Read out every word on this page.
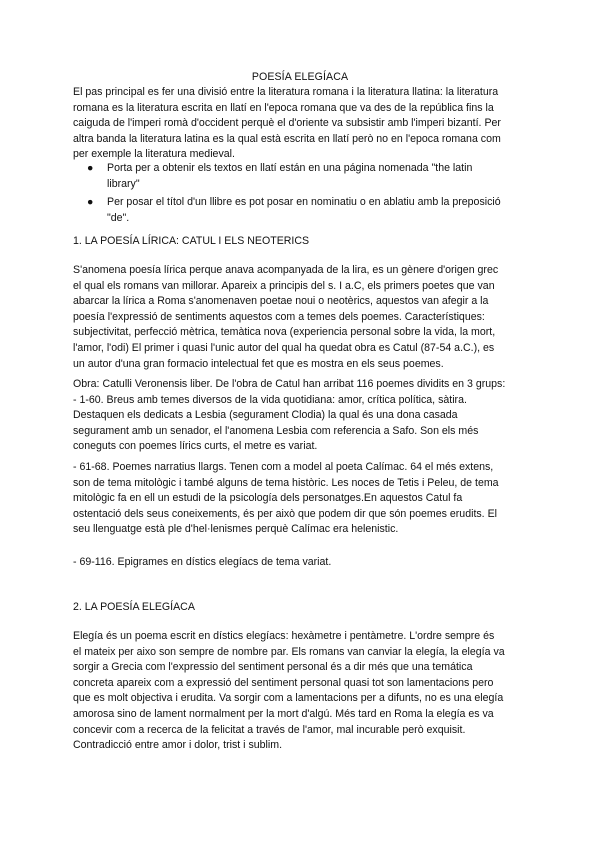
POESÍA ELEGÍACA

El pas principal es fer una divisió entre la literatura romana i la literatura llatina: la literatura
romana es la literatura escrita en llatí en l'epoca romana que va des de la república fins la
caiguda de l'imperi romà d'occident perquè el d'oriente va subsistir amb l'imperi bizantí. Per
altra banda la literatura latina es la qual està escrita en llatí però no en l'epoca romana com
per exemple la literatura medieval.

● Porta per a obtenir els textos en llatí están en una página nomenada "the latin
library"
● Per posar el títol d'un llibre es pot posar en nominatiu o en ablatiu amb la preposició
"de".
1. LA POESÍA LÍRICA: CATUL I ELS NEOTERICS

S'anomena poesía lírica perque anava acompanyada de la lira, es un gènere d'origen grec
el qual els romans van millorar. Apareix a principis del s. I a.C, els primers poetes que van
abarcar la lírica a Roma s'anomenaven poetae noui o neotèrics, aquestos van afegir a la
poesía l'expressió de sentiments aquestos com a temes dels poemes. Característiques:
subjectivitat, perfecció mètrica, temàtica nova (experiencia personal sobre la vida, la mort,
l'amor, l'odi) El primer i quasi l'unic autor del qual ha quedat obra es Catul (87-54 a.C.), es
un autor d'una gran formacio intelectual fet que es mostra en els seus poemes.

Obra: Catulli Veronensis liber. De l'obra de Catul han arribat 116 poemes dividits en 3 grups:
- 1-60. Breus amb temes diversos de la vida quotidiana: amor, crítica política, sàtira.
Destaquen els dedicats a Lesbia (segurament Clodia) la qual és una dona casada
segurament amb un senador, el l'anomena Lesbia com referencia a Safo. Son els més
coneguts con poemes lírics curts, el metre es variat.

- 61-68. Poemes narratius llargs. Tenen com a model al poeta Calímac. 64 el més extens,
son de tema mitològic i també alguns de tema històric. Les noces de Tetis i Peleu, de tema
mitològic fa en ell un estudi de la psicología dels personatges.En aquestos Catul fa
ostentació dels seus coneixements, és per això que podem dir que són poemes erudits. El
seu llenguatge està ple d'hel·lenismes perquè Calímac era helenistic.

- 69-116. Epigrames en dístics elegíacs de tema variat.

2. LA POESÍA ELEGÍACA

Elegía és un poema escrit en dístics elegíacs: hexàmetre i pentàmetre. L'ordre sempre és
el mateix per aixo son sempre de nombre par. Els romans van canviar la elegía, la elegía va
sorgir a Grecia com l'expressio del sentiment personal és a dir més que una temática
concreta apareix com a expressió del sentiment personal quasi tot son lamentacions pero
que es molt objectiva i erudita. Va sorgir com a lamentacions per a difunts, no es una elegía
amorosa sino de lament normalment per la mort d'algú. Més tard en Roma la elegía es va
concevir com a recerca de la felicitat a través de l'amor, mal incurable però exquisit.
Contradicció entre amor i dolor, trist i sublim.
